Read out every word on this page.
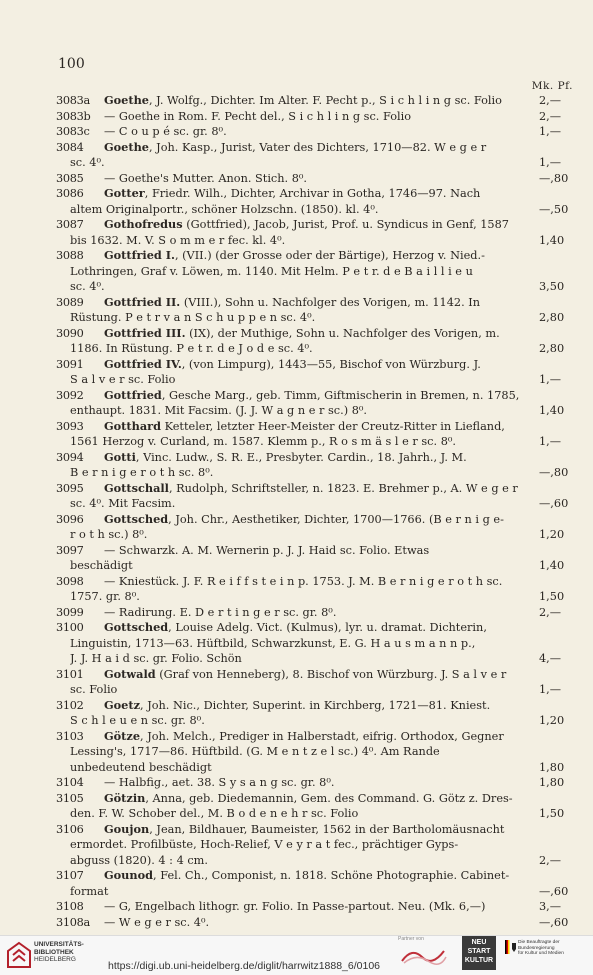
100
Mk. Pf.
3083a	Goethe, J. Wolfg., Dichter. Im Alter. F. Pecht p., S i c h l i n g sc. Folio	2,—
3083b	— Goethe in Rom. F. Pecht del., S i c h l i n g sc. Folio	2,—
3083c	— C o u p é sc. gr. 8⁰.	1,—
3084	Goethe, Joh. Kasp., Jurist, Vater des Dichters, 1710—82. W e g e r
sc. 4⁰.	1,—
3085	— Goethe's Mutter. Anon. Stich. 8⁰.	—,80
3086	Gotter, Friedr. Wilh., Dichter, Archivar in Gotha, 1746—97. Nach
altem Originalportr., schöner Holzschn. (1850). kl. 4⁰.	—,50
3087	Gothofredus (Gottfried), Jacob, Jurist, Prof. u. Syndicus in Genf, 1587
bis 1632. M. V. S o m m e r fec. kl. 4⁰.	1,40
3088	Gottfried I., (VII.) (der Grosse oder der Bärtige), Herzog v. Nied.-
Lothringen, Graf v. Löwen, m. 1140. Mit Helm. P e t r. d e B a i l l i e u
sc. 4⁰.	3,50
3089	Gottfried II. (VIII.), Sohn u. Nachfolger des Vorigen, m. 1142. In
Rüstung. P e t r v a n S c h u p p e n sc. 4⁰.	2,80
3090	Gottfried III. (IX), der Muthige, Sohn u. Nachfolger des Vorigen, m.
1186. In Rüstung. P e t r. d e J o d e sc. 4⁰.	2,80
3091	Gottfried IV., (von Limpurg), 1443—55, Bischof von Würzburg. J.
S a l v e r sc. Folio	1,—
3092	Gottfried, Gesche Marg., geb. Timm, Giftmischerin in Bremen, n. 1785,
enthaupt. 1831. Mit Facsim. (J. J. W a g n e r sc.) 8⁰.	1,40
3093	Gotthard Ketteler, letzter Heer-Meister der Creutz-Ritter in Liefland,
1561 Herzog v. Curland, m. 1587. Klemm p., R o s m ä s l e r sc. 8⁰.	1,—
3094	Gotti, Vinc. Ludw., S. R. E., Presbyter. Cardin., 18. Jahrh., J. M.
B e r n i g e r o t h sc. 8⁰.	—,80
3095	Gottschall, Rudolph, Schriftsteller, n. 1823. E. Brehmer p., A. W e g e r
sc. 4⁰. Mit Facsim.	—,60
3096	Gottsched, Joh. Chr., Aesthetiker, Dichter, 1700—1766. (B e r n i g e-
r o t h sc.) 8⁰.	1,20
3097	— Schwarzk. A. M. Wernerin p. J. J. Haid sc. Folio. Etwas
beschädigt	1,40
3098	— Kniestück. J. F. R e i f f s t e i n p. 1753. J. M. B e r n i g e r o t h sc.
1757. gr. 8⁰.	1,50
3099	— Radirung. E. D e r t i n g e r sc. gr. 8⁰.	2,—
3100	Gottsched, Louise Adelg. Vict. (Kulmus), lyr. u. dramat. Dichterin,
Linguistin, 1713—63. Hüftbild, Schwarzkunst, E. G. H a u s m a n n p.,
J. J. H a i d sc. gr. Folio. Schön	4,—
3101	Gotwald (Graf von Henneberg), 8. Bischof von Würzburg. J. S a l v e r
sc. Folio	1,—
3102	Goetz, Joh. Nic., Dichter, Superint. in Kirchberg, 1721—81. Kniest.
S c h l e u e n sc. gr. 8⁰.	1,20
3103	Götze, Joh. Melch., Prediger in Halberstadt, eifrig. Orthodox, Gegner
Lessing's, 1717—86. Hüftbild. (G. M e n t z e l sc.) 4⁰. Am Rande
unbedeutend beschädigt	1,80
3104	— Halbfig., aet. 38. S y s a n g sc. gr. 8⁰.	1,80
3105	Götzin, Anna, geb. Diedemannin, Gem. des Command. G. Götz z. Dres-
den. F. W. Schober del., M. B o d e n e h r sc. Folio	1,50
3106	Goujon, Jean, Bildhauer, Baumeister, 1562 in der Bartholomäusnacht
ermordet. Profilbüste, Hoch-Relief, V e y r a t fec., prächtiger Gyps-
abguss (1820). 4 : 4 cm.	2,—
3107	Gounod, Fel. Ch., Componist, n. 1818. Schöne Photographie. Cabinet-
format	—,60
3108	— G, Engelbach lithogr. gr. Folio. In Passe-partout. Neu. (Mk. 6,—)	3,—
3108a	— W e g e r sc. 4⁰.	—,60
UNIVERSITÄTS-
BIBLIOTHEK
HEIDELBERG
https://digi.ub.uni-heidelberg.de/diglit/harrwitz1888_6/0106
Partner von	NEU
START
KULTUR
Die Beauftragte der Bundesregierung
für Kultur und Medien
